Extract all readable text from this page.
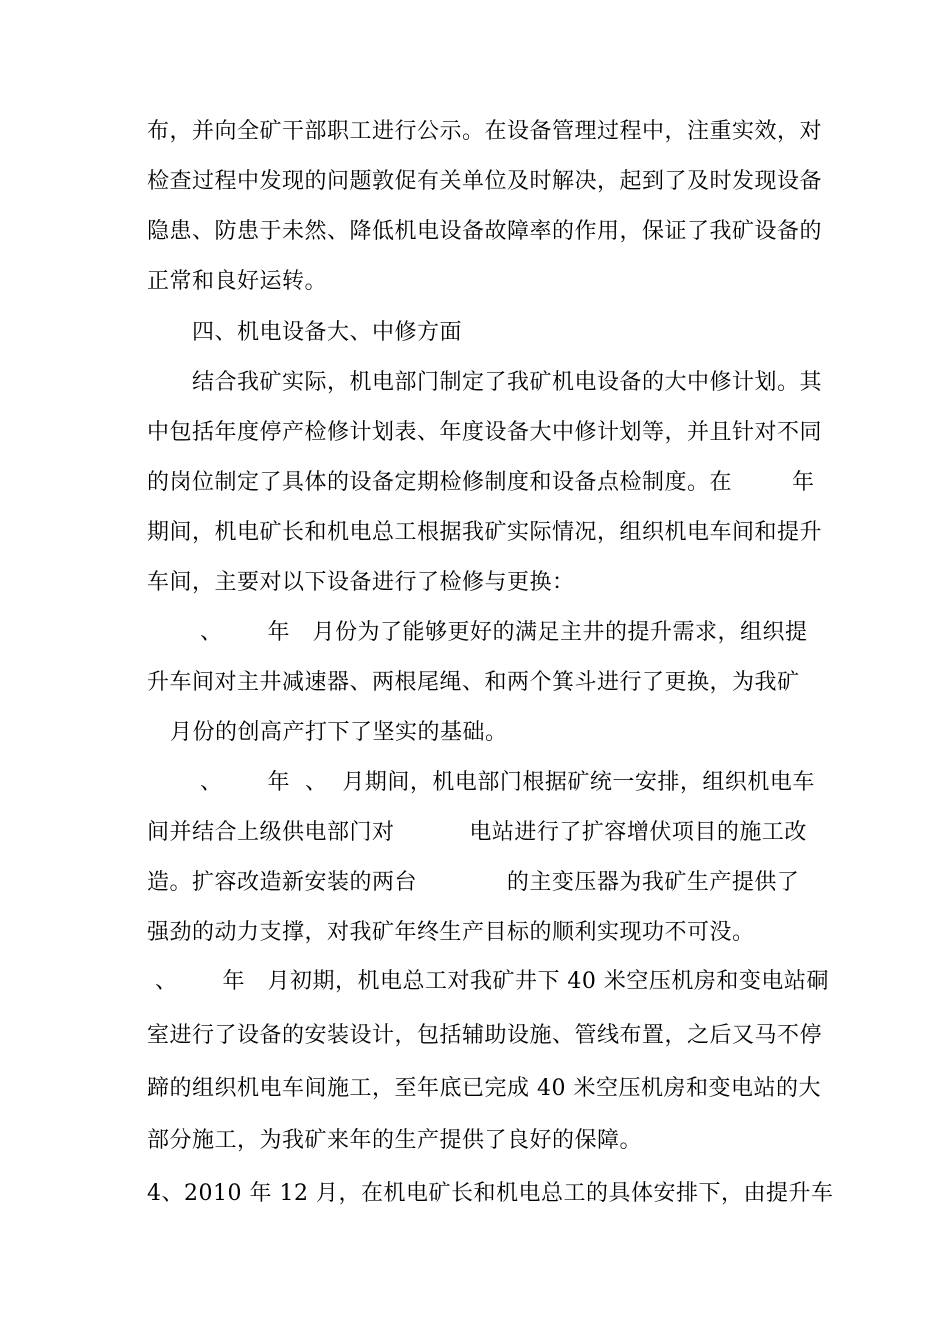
布，并向全矿干部职工进行公示。在设备管理过程中，注重实效，对
检查过程中发现的问题敦促有关单位及时解决，起到了及时发现设备
隐患、防患于未然、降低机电设备故障率的作用，保证了我矿设备的
正常和良好运转。
四、机电设备大、中修方面
结合我矿实际，机电部门制定了我矿机电设备的大中修计划。其
中包括年度停产检修计划表、年度设备大中修计划等，并且针对不同
的岗位制定了具体的设备定期检修制度和设备点检制度。在        年
期间，机电矿长和机电总工根据我矿实际情况，组织机电车间和提升
车间，主要对以下设备进行了检修与更换：
、      年   月份为了能够更好的满足主井的提升需求，组织提
升车间对主井减速器、两根尾绳、和两个箕斗进行了更换，为我矿
月份的创高产打下了坚实的基础。
、      年  、  月期间，机电部门根据矿统一安排，组织机电车
间并结合上级供电部门对          电站进行了扩容增伏项目的施工改
造。扩容改造新安装的两台            的主变压器为我矿生产提供了
强劲的动力支撑，对我矿年终生产目标的顺利实现功不可没。
、      年   月初期，机电总工对我矿井下 40 米空压机房和变电站硐
室进行了设备的安装设计，包括辅助设施、管线布置，之后又马不停
蹄的组织机电车间施工，至年底已完成 40 米空压机房和变电站的大
部分施工，为我矿来年的生产提供了良好的保障。
4、2010 年 12 月，在机电矿长和机电总工的具体安排下，由提升车
